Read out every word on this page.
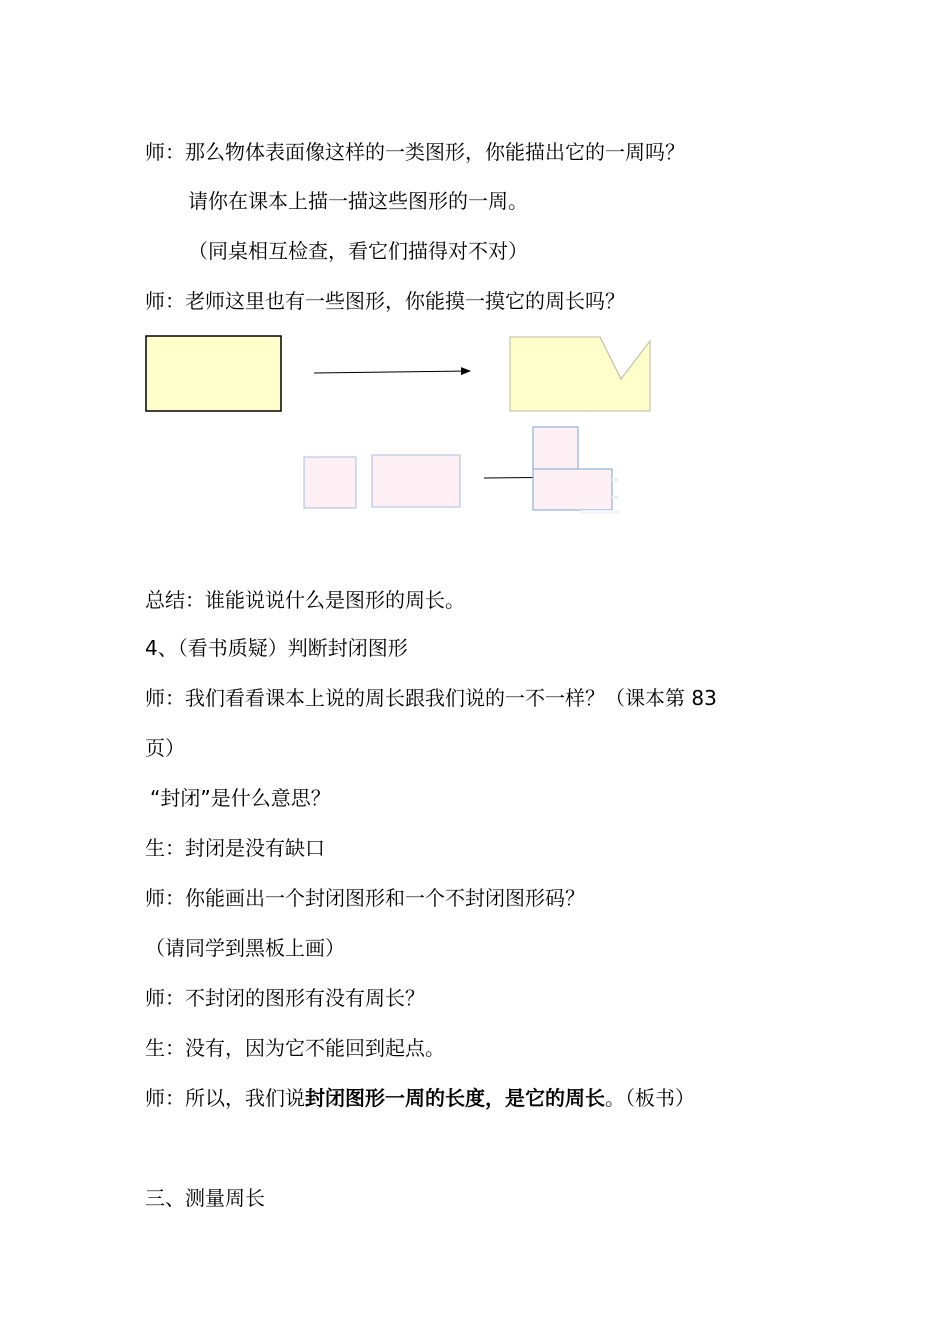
师：那么物体表面像这样的一类图形，你能描出它的一周吗？
请你在课本上描一描这些图形的一周。
（同桌相互检查，看它们描得对不对）
师：老师这里也有一些图形，你能摸一摸它的周长吗？
总结：谁能说说什么是图形的周长。
4、（看书质疑）判断封闭图形
师：我们看看课本上说的周长跟我们说的一不一样？（课本第 83
页）
“封闭”是什么意思？
生：封闭是没有缺口
师：你能画出一个封闭图形和一个不封闭图形码？
（请同学到黑板上画）
师：不封闭的图形有没有周长？
生：没有，因为它不能回到起点。
师：所以，我们说封闭图形一周的长度，是它的周长。（板书）
三、测量周长
